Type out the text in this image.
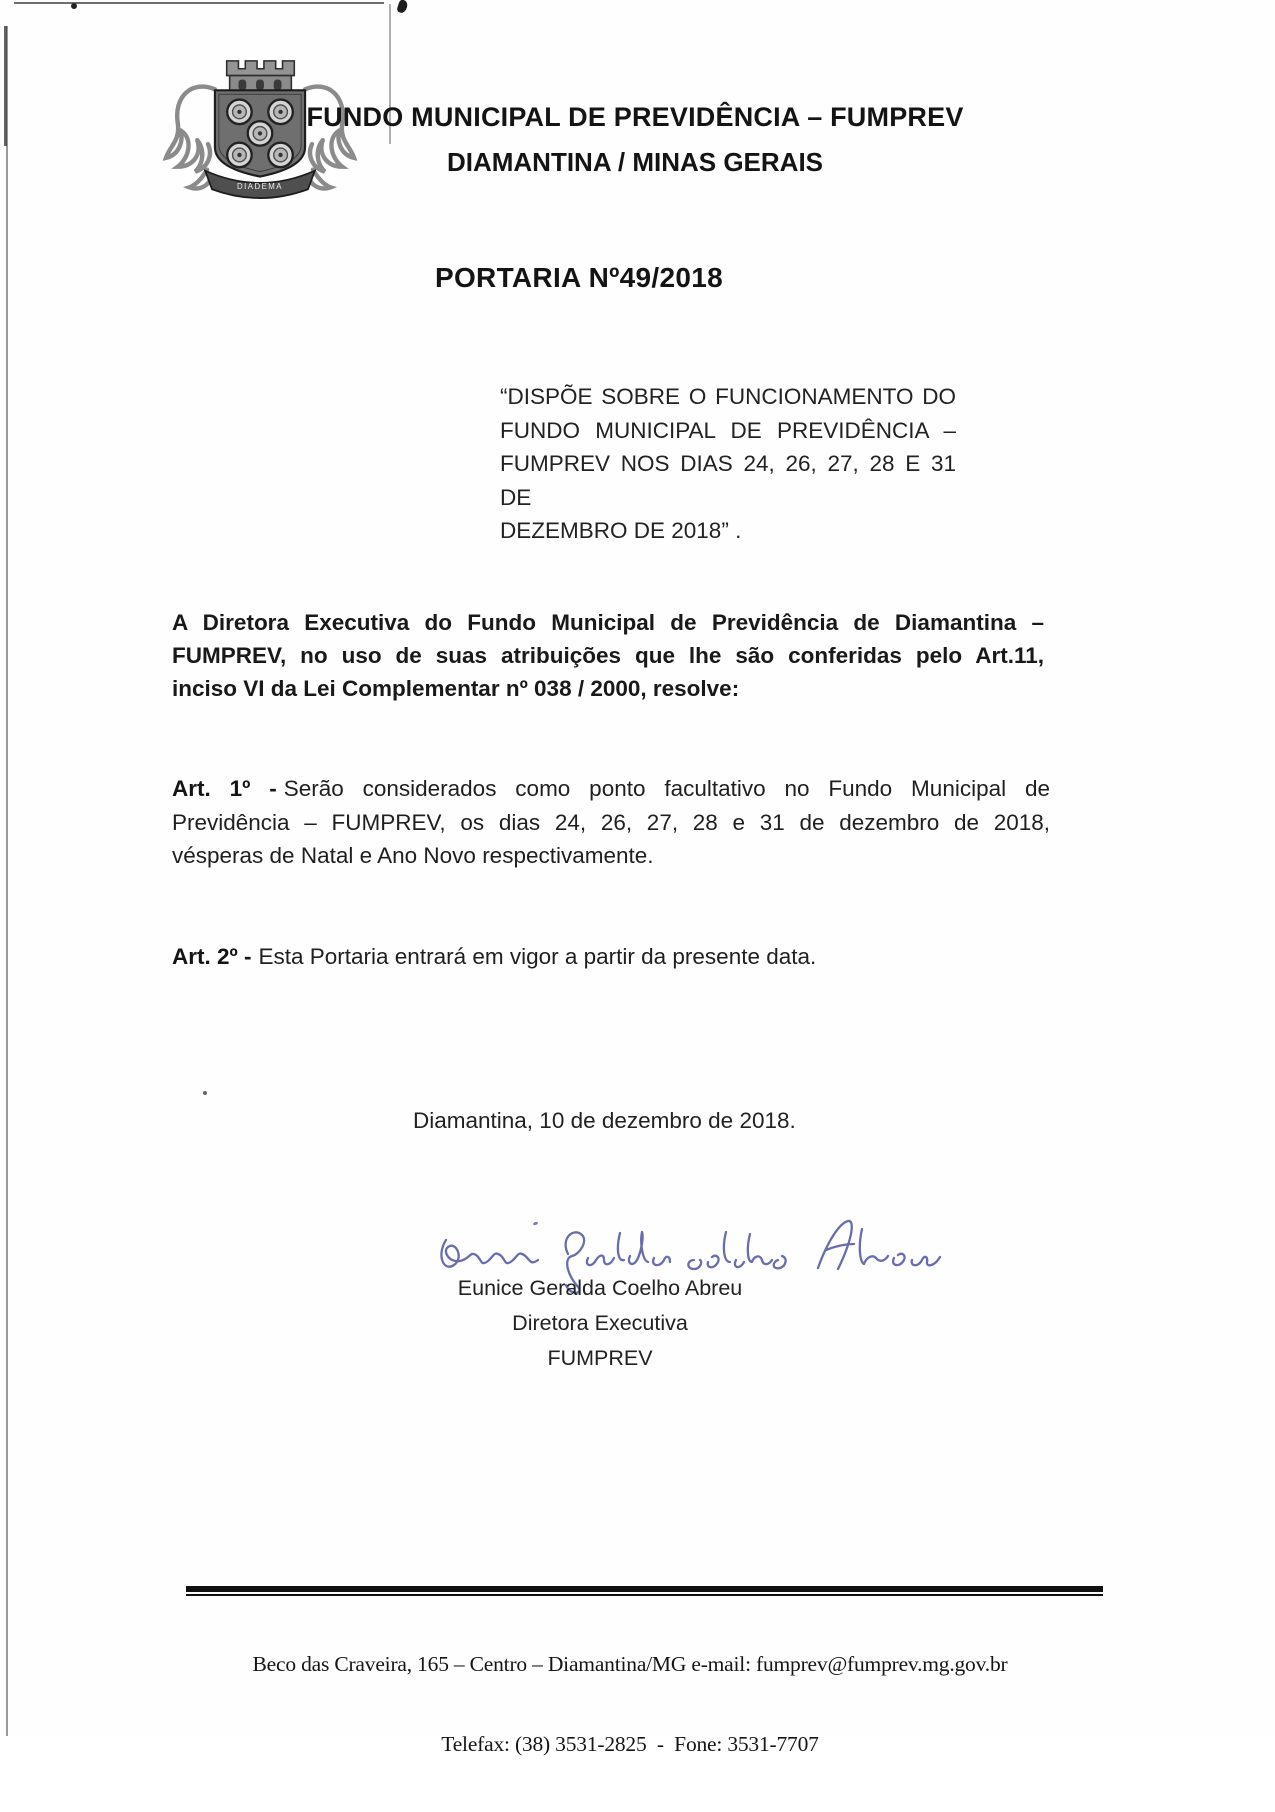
DIADEMA
FUNDO MUNICIPAL DE PREVIDÊNCIA – FUMPREV
DIAMANTINA / MINAS GERAIS
PORTARIA Nº49/2018
“DISPÕE SOBRE O FUNCIONAMENTO DO
FUNDO MUNICIPAL DE PREVIDÊNCIA –
FUMPREV NOS DIAS 24, 26, 27, 28 E 31 DE
DEZEMBRO DE 2018” .
A Diretora Executiva do Fundo Municipal de Previdência de Diamantina –
FUMPREV, no uso de suas atribuições que lhe são conferidas pelo Art.11,
inciso VI da Lei Complementar nº 038 / 2000, resolve:
Art. 1º - Serão considerados como ponto facultativo no Fundo Municipal de
Previdência – FUMPREV, os dias 24, 26, 27, 28 e 31 de dezembro de 2018,
vésperas de Natal e Ano Novo respectivamente.
Art. 2º - Esta Portaria entrará em vigor a partir da presente data.
Diamantina, 10 de dezembro de 2018.
Eunice Geralda Coelho Abreu
Diretora Executiva
FUMPREV

Beco das Craveira, 165 – Centro – Diamantina/MG e-mail: fumprev@fumprev.mg.gov.br

Telefax: (38) 3531-2825  -  Fone: 3531-7707
